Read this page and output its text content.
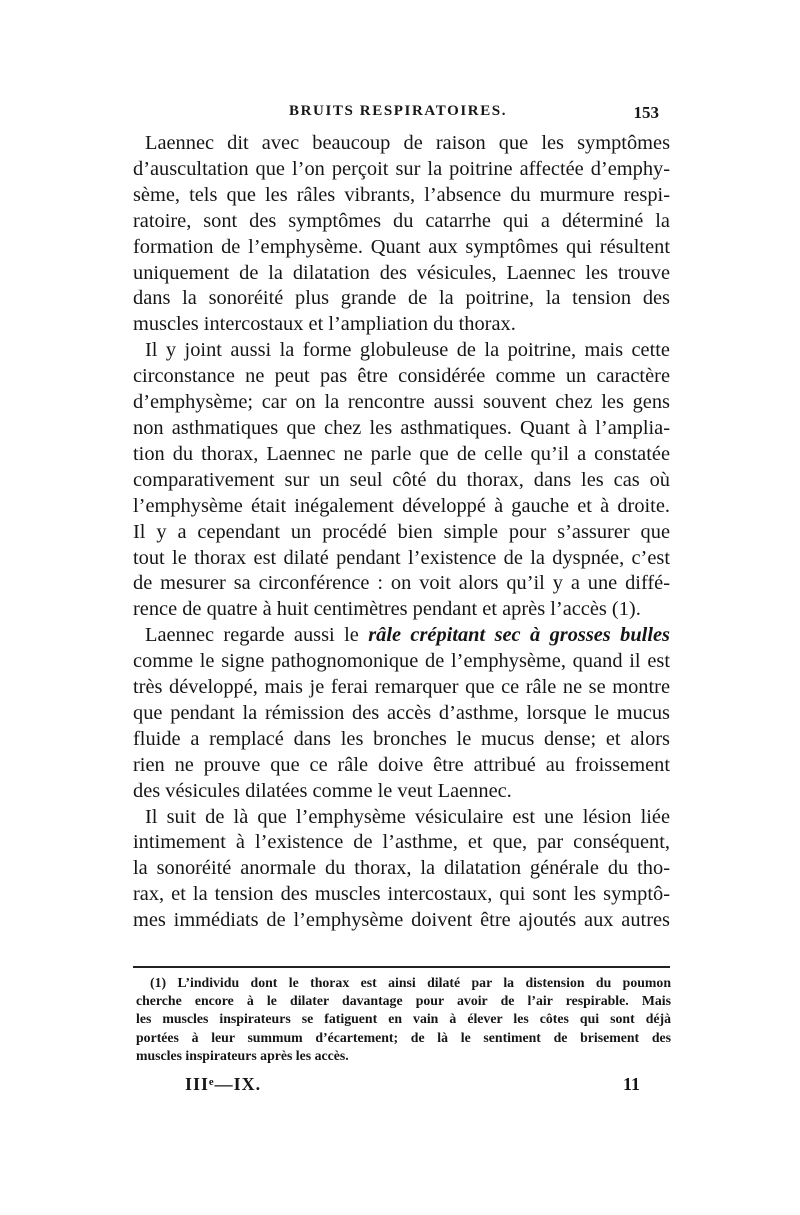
BRUITS RESPIRATOIRES.	153
Laennec dit avec beaucoup de raison que les symptômes
d’auscultation que l’on perçoit sur la poitrine affectée d’emphy-
sème, tels que les râles vibrants, l’absence du murmure respi-
ratoire, sont des symptômes du catarrhe qui a déterminé la
formation de l’emphysème. Quant aux symptômes qui résultent
uniquement de la dilatation des vésicules, Laennec les trouve
dans la sonoréité plus grande de la poitrine, la tension des
muscles intercostaux et l’ampliation du thorax.
Il y joint aussi la forme globuleuse de la poitrine, mais cette
circonstance ne peut pas être considérée comme un caractère
d’emphysème; car on la rencontre aussi souvent chez les gens
non asthmatiques que chez les asthmatiques. Quant à l’amplia-
tion du thorax, Laennec ne parle que de celle qu’il a constatée
comparativement sur un seul côté du thorax, dans les cas où
l’emphysème était inégalement développé à gauche et à droite.
Il y a cependant un procédé bien simple pour s’assurer que
tout le thorax est dilaté pendant l’existence de la dyspnée, c’est
de mesurer sa circonférence : on voit alors qu’il y a une diffé-
rence de quatre à huit centimètres pendant et après l’accès (1).
Laennec regarde aussi le râle crépitant sec à grosses bulles
comme le signe pathognomonique de l’emphysème, quand il est
très développé, mais je ferai remarquer que ce râle ne se montre
que pendant la rémission des accès d’asthme, lorsque le mucus
fluide a remplacé dans les bronches le mucus dense; et alors
rien ne prouve que ce râle doive être attribué au froissement
des vésicules dilatées comme le veut Laennec.
Il suit de là que l’emphysème vésiculaire est une lésion liée
intimement à l’existence de l’asthme, et que, par conséquent,
la sonoréité anormale du thorax, la dilatation générale du tho-
rax, et la tension des muscles intercostaux, qui sont les symptô-
mes immédiats de l’emphysème doivent être ajoutés aux autres
(1) L’individu dont le thorax est ainsi dilaté par la distension du poumon
cherche encore à le dilater davantage pour avoir de l’air respirable. Mais
les muscles inspirateurs se fatiguent en vain à élever les côtes qui sont déjà
portées à leur summum d’écartement; de là le sentiment de brisement des
muscles inspirateurs après les accès.
IIIᵉ—IX.	11
